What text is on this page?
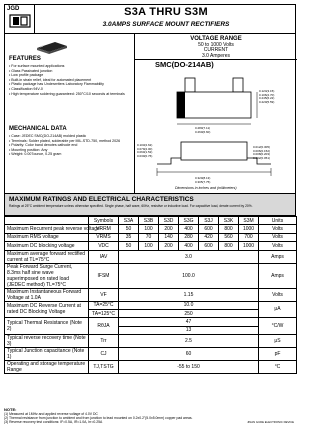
JGD	S3A THRU S3M
3.0AMPS SURFACE MOUNT RECTIFIERS
FEATURES
• For surface mounted applications
• Glass Passivated junction
• Low profile package
• Built-in strain relief, ideal for automated placement
• Plastic package has Underwriters Laboratory Flammability
• Classification 94V-0
• High temperature soldering guaranteed: 250°C/10 seconds at terminals
MECHANICAL DATA
• Case: JEDEC SMC(DO-214AB) molded plastic
• Terminals: Solder plated, solderable per MIL-STD-750, method 2026
• Polarity: Color band denotes cathode end
• Mounting position: Any
• Weight: 0.007ounce, 0.25 gram
VOLTAGE RANGE
50 to 1000 Volts
CURRENT
3.0 Amperes
SMC(DO-214AB)
0.124(3.15)
0.106(2.70)
0.245(6.22)
0.220(5.59)
0.280(7.11)
0.260(6.60)
0.103(2.62)
0.079(2.00)
0.060(1.52)
0.030(0.76)
0.012(0.305)
0.006(0.152)
0.008(0.203)
0.002(0.051)
0.320(8.13)
0.305(7.75)
Dimensions in inches and (millimeters)
MAXIMUM RATINGS AND ELECTRICAL CHARACTERISTICS
Ratings at 25°C ambient temperature unless otherwise specified. Single phase, half wave, 60Hz, resistive or inductive load. For capacitive load, derate current by 20%.
	Symbols	S3A	S3B	S3D	S3G	S3J	S3K	S3M	Units
Maximum Recurrent peak reverse voltage	VRRM	50	100	200	400	600	800	1000	Volts
Maximum RMS voltage	VRMS	35	70	140	280	420	560	700	Volts
Maximum DC blocking voltage	VDC	50	100	200	400	600	800	1000	Volts
Maximum average forward rectified current at TL=75°C	IAV	3.0							Amps
Peak Forward Surge Current, 8.3ms half sine wave superimposed on rated load (JEDEC method) TL=75°C	IFSM	100.0							Amps
Maximum Instantaneous Forward Voltage at 1.0A	VF	1.15							Volts
Maximum DC Reverse Current at rated DC Blocking Voltage	TA=25°C	10.0							μA
	TA=125°C	250							
Typical Thermal Resistance (Note 2)	RθJA	47							°C/W
		13							
Typical reverse recovery time (Note 3)	Trr	2.5							μS
Typical Junction capacitance (Note 1)	CJ	60							pF
Operating and storage temperature Range	TJ,TSTG	-55 to 150							°C
NOTE:
(1) Measured at 1MHz and applied reverse voltage of 4.0V DC
(2) Thermal resistance from junction to ambient and from junction to lead mounted on 0.2x0.2"(5.0x5.0mm) copper pad areas.
(3) Reverse recovery test conditions: IF=0.5A, IR=1.0A, Irr=0.25A	JINAN GUDE ELECTRONIC DEVICE
